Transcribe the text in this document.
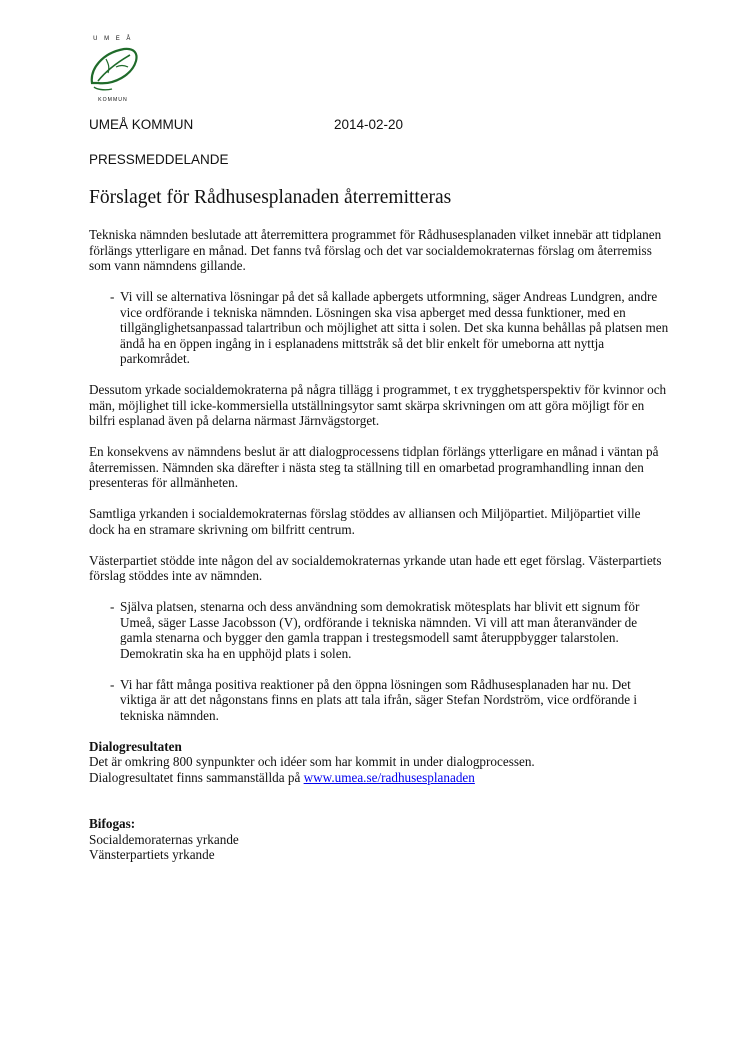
U M E Å
KOMMUN
UMEÅ KOMMUN	2014-02-20
PRESSMEDDELANDE
Förslaget för Rådhusesplanaden återremitteras

Tekniska nämnden beslutade att återremittera programmet för Rådhusesplanaden vilket innebär att tidplanen förlängs ytterligare en månad. Det fanns två förslag och det var socialdemokraternas förslag om återremiss som vann nämndens gillande.

- Vi vill se alternativa lösningar på det så kallade apbergets utformning, säger Andreas Lundgren, andre vice ordförande i tekniska nämnden. Lösningen ska visa apberget med dessa funktioner, med en tillgänglighetsanpassad talartribun och möjlighet att sitta i solen. Det ska kunna behållas på platsen men ändå ha en öppen ingång in i esplanadens mittstråk så det blir enkelt för umeborna att nyttja parkområdet.

Dessutom yrkade socialdemokraterna på några tillägg i programmet, t ex trygghetsperspektiv för kvinnor och män, möjlighet till icke-kommersiella utställningsytor samt skärpa skrivningen om att göra möjligt för en bilfri esplanad även på delarna närmast Järnvägstorget.

En konsekvens av nämndens beslut är att dialogprocessens tidplan förlängs ytterligare en månad i väntan på återremissen. Nämnden ska därefter i nästa steg ta ställning till en omarbetad programhandling innan den presenteras för allmänheten.

Samtliga yrkanden i socialdemokraternas förslag stöddes av alliansen och Miljöpartiet. Miljöpartiet ville dock ha en stramare skrivning om bilfritt centrum.

Västerpartiet stödde inte någon del av socialdemokraternas yrkande utan hade ett eget förslag. Västerpartiets förslag stöddes inte av nämnden.

- Själva platsen, stenarna och dess användning som demokratisk mötesplats har blivit ett signum för Umeå, säger Lasse Jacobsson (V), ordförande i tekniska nämnden. Vi vill att man återanvänder de gamla stenarna och bygger den gamla trappan i trestegsmodell samt återuppbygger talarstolen. Demokratin ska ha en upphöjd plats i solen.

- Vi har fått många positiva reaktioner på den öppna lösningen som Rådhusesplanaden har nu. Det viktiga är att det någonstans finns en plats att tala ifrån, säger Stefan Nordström, vice ordförande i tekniska nämnden.

Dialogresultaten

Det är omkring 800 synpunkter och idéer som har kommit in under dialogprocessen.

Dialogresultatet finns sammanställda på www.umea.se/radhusesplanaden

Bifogas:

Socialdemoraternas yrkande

Vänsterpartiets yrkande
